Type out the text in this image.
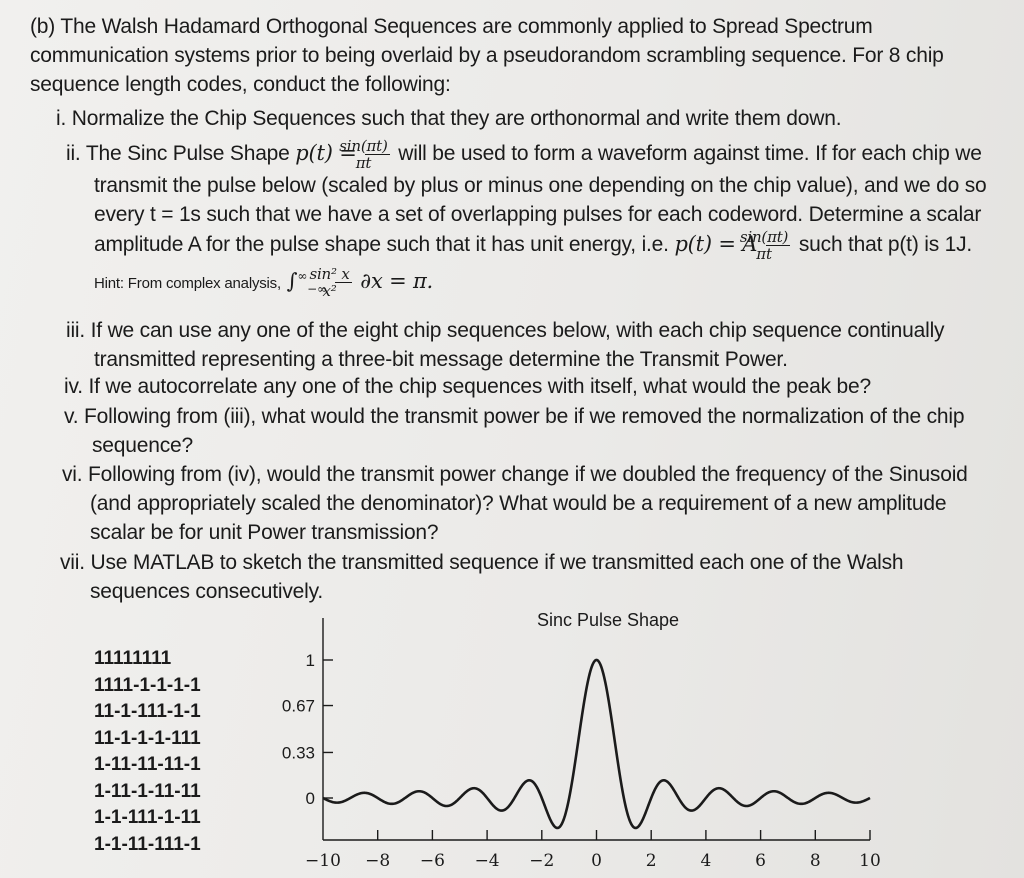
(b) The Walsh Hadamard Orthogonal Sequences are commonly applied to Spread Spectrum communication systems prior to being overlaid by a pseudorandom scrambling sequence. For 8 chip sequence length codes, conduct the following:

i. Normalize the Chip Sequences such that they are orthonormal and write them down.

ii. The Sinc Pulse Shape $p(t) = \frac{\sin(\pi t)}{\pi t}$ will be used to form a waveform against time. If for each chip we transmit the pulse below (scaled by plus or minus one depending on the chip value), and we do so every t = 1s such that we have a set of overlapping pulses for each codeword. Determine a scalar amplitude A for the pulse shape such that it has unit energy, i.e. p(t) = A $\frac{\sin(\pi t)}{\pi t}$ such that p(t) is 1J. Hint: From complex analysis, $\int^\infty_{-\infty} \frac{\text{sin² x}}{\text{x²}} \partial x = \pi$.

iii. If we can use any one of the eight chip sequences below, with each chip sequence continually transmitted representing a three-bit message determine the Transmit Power.

iv. If we autocorrelate any one of the chip sequences with itself, what would the peak be?

v. Following from (iii), what would the transmit power be if we removed the normalization of the chip sequence?

vi. Following from (iv), would the transmit power change if we doubled the frequency of the Sinusoid (and appropriately scaled the denominator)? What would be a requirement of a new amplitude scalar be for unit Power transmission?

vii. Use MATLAB to sketch the transmitted sequence if we transmitted each one of the Walsh sequences consecutively.

11111111
1111-1-1-1-1
11-1-111-1-1
11-1-1-1-111
1-11-11-11-1
1-11-1-11-11
1-1-111-1-11
1-1-11-111-1
Sinc Pulse Shape
0
0.33
0.67
1
−10 −8 −6 −4 −2 0	2	4	6	8 10
